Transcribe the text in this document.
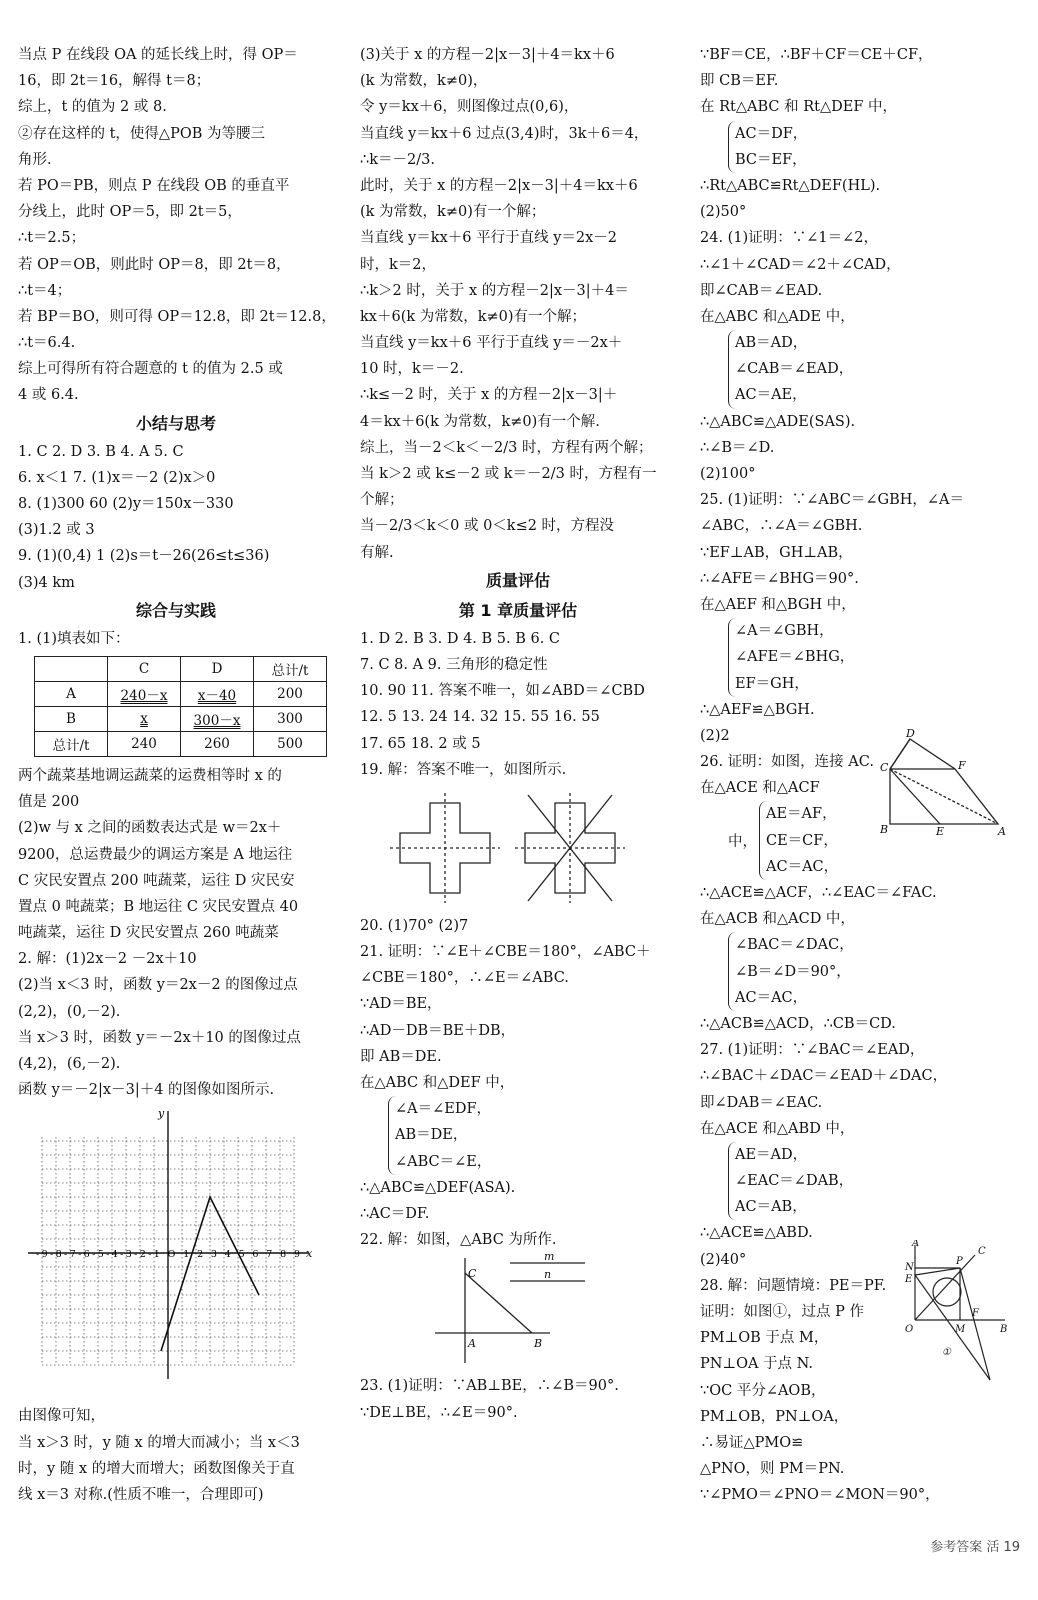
当点 P 在线段 OA 的延长线上时，得 OP＝
16，即 2t＝16，解得 t＝8；
综上，t 的值为 2 或 8.
②存在这样的 t，使得△POB 为等腰三
角形.
若 PO＝PB，则点 P 在线段 OB 的垂直平
分线上，此时 OP＝5，即 2t＝5，
∴t＝2.5；
若 OP＝OB，则此时 OP＝8，即 2t＝8，
∴t＝4；
若 BP＝BO，则可得 OP＝12.8，即 2t＝12.8，
∴t＝6.4.
综上可得所有符合题意的 t 的值为 2.5 或
4 或 6.4.
小结与思考
1. C 2. D 3. B 4. A 5. C
6. x＜1 7. (1)x＝－2 (2)x＞0
8. (1)300 60 (2)y＝150x－330
(3)1.2 或 3
9. (1)(0,4) 1 (2)s＝t－26(26≤t≤36)
(3)4 km
综合与实践
1. (1)填表如下：
	C	D	总计/t
A	240－x	x－40	200
B	x	300－x	300
总计/t	240	260	500
两个蔬菜基地调运蔬菜的运费相等时 x 的
值是 200
(2)w 与 x 之间的函数表达式是 w＝2x＋
9200，总运费最少的调运方案是 A 地运往
C 灾民安置点 200 吨蔬菜，运往 D 灾民安
置点 0 吨蔬菜；B 地运往 C 灾民安置点 40
吨蔬菜，运往 D 灾民安置点 260 吨蔬菜
2. 解：(1)2x－2 －2x＋10
(2)当 x＜3 时，函数 y＝2x－2 的图像过点
(2,2)，(0,－2).
当 x＞3 时，函数 y＝－2x＋10 的图像过点
(4,2)，(6,－2).
函数 y＝－2|x－3|＋4 的图像如图所示.
y
x
-9-8-7-6-5-4-3-2-1 O 1 2 3 4 5 6 7 8 9
由图像可知，
当 x＞3 时，y 随 x 的增大而减小；当 x＜3
时，y 随 x 的增大而增大；函数图像关于直
线 x＝3 对称.(性质不唯一，合理即可)
(3)关于 x 的方程－2|x－3|＋4＝kx＋6
(k 为常数，k≠0)，
令 y＝kx＋6，则图像过点(0,6)，
当直线 y＝kx＋6 过点(3,4)时，3k＋6＝4，
∴k＝－2/3.
此时，关于 x 的方程－2|x－3|＋4＝kx＋6
(k 为常数，k≠0)有一个解；
当直线 y＝kx＋6 平行于直线 y＝2x－2
时，k＝2，
∴k＞2 时，关于 x 的方程－2|x－3|＋4＝
kx＋6(k 为常数，k≠0)有一个解；
当直线 y＝kx＋6 平行于直线 y＝－2x＋
10 时，k＝－2.
∴k≤－2 时，关于 x 的方程－2|x－3|＋
4＝kx＋6(k 为常数，k≠0)有一个解.
综上，当－2＜k＜－2/3 时，方程有两个解；
当 k＞2 或 k≤－2 或 k＝－2/3 时，方程有一
个解；
当－2/3＜k＜0 或 0＜k≤2 时，方程没
有解.
质量评估
第 1 章质量评估
1. D 2. B 3. D 4. B 5. B 6. C
7. C 8. A 9. 三角形的稳定性
10. 90 11. 答案不唯一，如∠ABD＝∠CBD
12. 5 13. 24 14. 32 15. 55 16. 55
17. 65 18. 2 或 5
19. 解：答案不唯一，如图所示.
20. (1)70° (2)7
21. 证明：∵∠E＋∠CBE＝180°，∠ABC＋
∠CBE＝180°，∴∠E＝∠ABC.
∵AD＝BE，
∴AD－DB＝BE＋DB，
即 AB＝DE.
在△ABC 和△DEF 中，
∠A＝∠EDF，
AB＝DE，
∠ABC＝∠E，
∴△ABC≌△DEF(ASA).
∴AC＝DF.
22. 解：如图，△ABC 为所作.
C
A	B
m
n
23. (1)证明：∵AB⊥BE，∴∠B＝90°.
∵DE⊥BE，∴∠E＝90°.
∵BF＝CE，∴BF＋CF＝CE＋CF，
即 CB＝EF.
在 Rt△ABC 和 Rt△DEF 中，
AC＝DF，
BC＝EF，
∴Rt△ABC≌Rt△DEF(HL).
(2)50°
24. (1)证明：∵∠1＝∠2，
∴∠1＋∠CAD＝∠2＋∠CAD，
即∠CAB＝∠EAD.
在△ABC 和△ADE 中，
AB＝AD，
∠CAB＝∠EAD，
AC＝AE，
∴△ABC≌△ADE(SAS).
∴∠B＝∠D.
(2)100°
25. (1)证明：∵∠ABC＝∠GBH，∠A＝
∠ABC，∴∠A＝∠GBH.
∵EF⊥AB，GH⊥AB，
∴∠AFE＝∠BHG＝90°.
在△AEF 和△BGH 中，
∠A＝∠GBH，
∠AFE＝∠BHG，
EF＝GH，
∴△AEF≌△BGH.
(2)2
26. 证明：如图，连接 AC.
在△ACE 和△ACF
中，
AE＝AF，
CE＝CF，
AC＝AC，
D
C	F
B	E	A
∴△ACE≌△ACF，∴∠EAC＝∠FAC.
在△ACB 和△ACD 中，
∠BAC＝∠DAC，
∠B＝∠D＝90°，
AC＝AC，
∴△ACB≌△ACD，∴CB＝CD.
27. (1)证明：∵∠BAC＝∠EAD，
∴∠BAC＋∠DAC＝∠EAD＋∠DAC，
即∠DAB＝∠EAC.
在△ACE 和△ABD 中，
AE＝AD，
∠EAC＝∠DAB，
AC＝AB，
∴△ACE≌△ABD.
(2)40°
28. 解：问题情境：PE＝PF.
证明：如图①，过点 P 作
PM⊥OB 于点 M，
PN⊥OA 于点 N.
∵OC 平分∠AOB，
PM⊥OB，PN⊥OA，
∴易证△PMO≌
△PNO，则 PM＝PN.
∵∠PMO＝∠PNO＝∠MON＝90°，
A
C
P
N
E
O	M
F
B
①
参考答案 活 19
